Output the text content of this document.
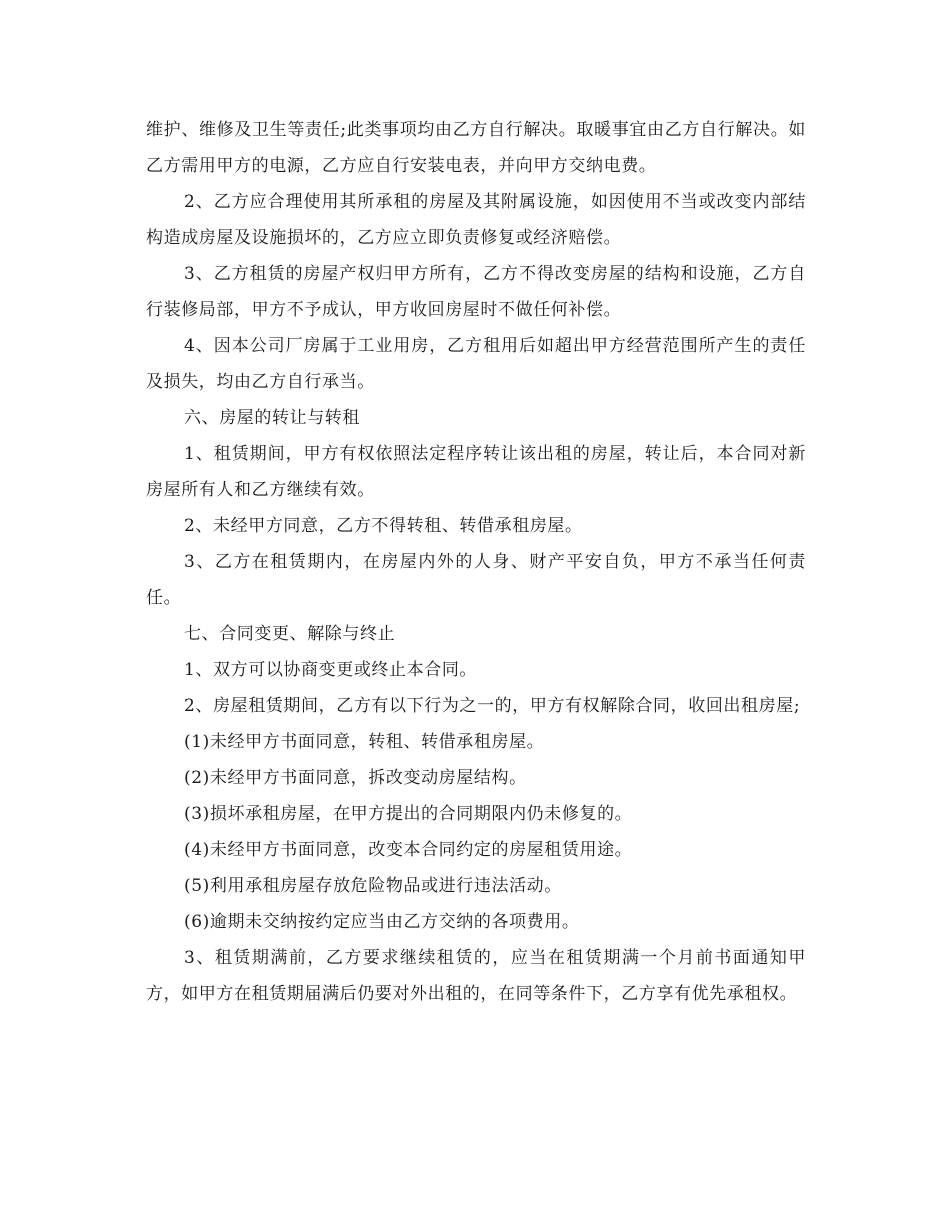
维护、维修及卫生等责任;此类事项均由乙方自行解决。取暖事宜由乙方自行解决。如乙方需用甲方的电源，乙方应自行安装电表，并向甲方交纳电费。

2、乙方应合理使用其所承租的房屋及其附属设施，如因使用不当或改变内部结构造成房屋及设施损坏的，乙方应立即负责修复或经济赔偿。

3、乙方租赁的房屋产权归甲方所有，乙方不得改变房屋的结构和设施，乙方自行装修局部，甲方不予成认，甲方收回房屋时不做任何补偿。

4、因本公司厂房属于工业用房，乙方租用后如超出甲方经营范围所产生的责任及损失，均由乙方自行承当。

六、房屋的转让与转租

1、租赁期间，甲方有权依照法定程序转让该出租的房屋，转让后，本合同对新房屋所有人和乙方继续有效。

2、未经甲方同意，乙方不得转租、转借承租房屋。

3、乙方在租赁期内，在房屋内外的人身、财产平安自负，甲方不承当任何责任。

七、合同变更、解除与终止

1、双方可以协商变更或终止本合同。

2、房屋租赁期间，乙方有以下行为之一的，甲方有权解除合同，收回出租房屋;

(1)未经甲方书面同意，转租、转借承租房屋。

(2)未经甲方书面同意，拆改变动房屋结构。

(3)损坏承租房屋，在甲方提出的合同期限内仍未修复的。

(4)未经甲方书面同意，改变本合同约定的房屋租赁用途。

(5)利用承租房屋存放危险物品或进行违法活动。

(6)逾期未交纳按约定应当由乙方交纳的各项费用。

3、租赁期满前，乙方要求继续租赁的，应当在租赁期满一个月前书面通知甲方，如甲方在租赁期届满后仍要对外出租的，在同等条件下，乙方享有优先承租权。
